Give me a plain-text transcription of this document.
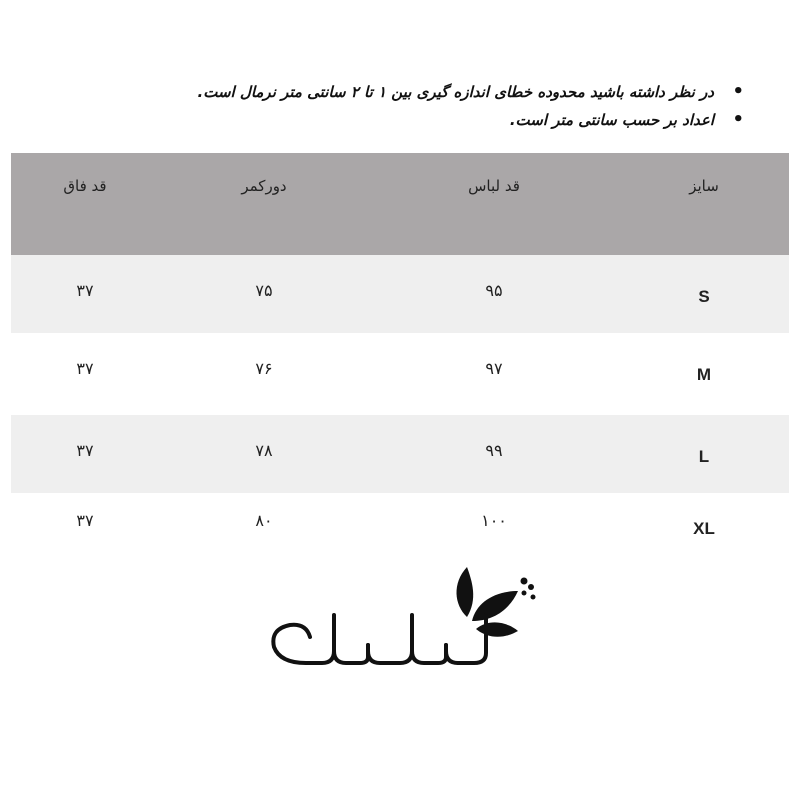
• در نظر داشته باشید محدوده خطای اندازه گیری بین ۱ تا ۲ سانتی متر نرمال است.
• اعداد بر حسب سانتی متر است.
سایز	قد لباس	دورکمر	قد فاق
S	۹۵	۷۵	۳۷
M	۹۷	۷۶	۳۷
L	۹۹	۷۸	۳۷
XL	۱۰۰	۸۰	۳۷
